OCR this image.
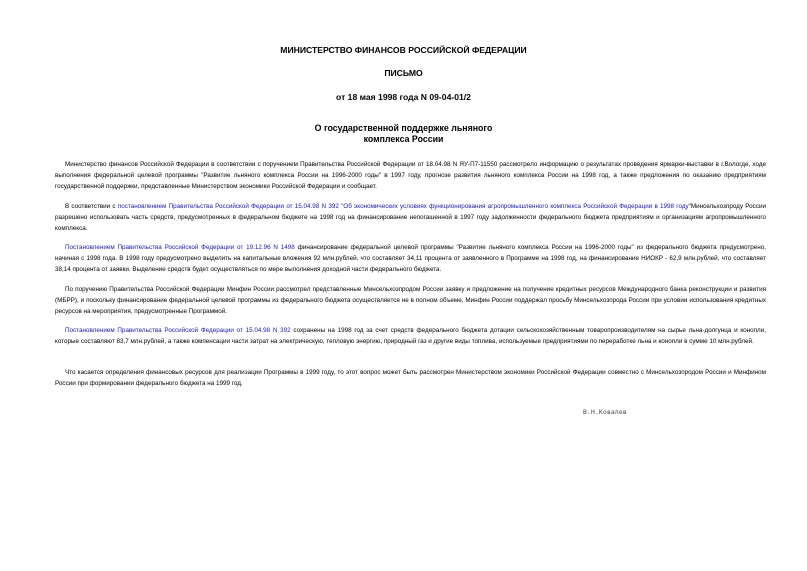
МИНИСТЕРСТВО ФИНАНСОВ РОССИЙСКОЙ ФЕДЕРАЦИИ
ПИСЬМО
от 18 мая 1998 года N 09-04-01/2
О государственной поддержке льняного
комплекса России

Министерство финансов Российской Федерации в соответствии с поручением Правительства Российской Федерации от 18.04.98 N ЯУ-П7-11550 рассмотрело информацию о результатах проведения ярмарки-выставки в г.Вологде, ходе выполнения федеральной целевой программы "Развитие льняного комплекса России на 1996-2000 годы" в 1997 году, прогнозе развития льняного комплекса России на 1998 год, а также предложения по оказанию предприятиям государственной поддержки, представленные Министерством экономики Российской Федерации и сообщает.

В соответствии с постановлением Правительства Российской Федерации от 15.04.98 N 392 "Об экономических условиях функционирования агропромышленного комплекса Российской Федерации в 1998 году"Минсельхозпроду России разрешено использовать часть средств, предусмотренных в федеральном бюджете на 1998 год на финансирование непогашенной в 1997 году задолженности федерального бюджета предприятиям и организациям агропромышленного комплекса.

Постановлением Правительства Российской Федерации от 19.12.96 N 1498 финансирование федеральной целевой программы "Развитие льняного комплекса России на 1996-2000 годы" из федерального бюджета предусмотрено, начиная с 1998 года. В 1998 году предусмотрено выделить на капитальные вложения 92 млн.рублей, что составляет 34,11 процента от заявленного в Программе на 1998 год, на финансирование НИОКР - 62,9 млн.рублей, что составляет 38,14 процента от заявки. Выделение средств будет осуществляться по мере выполнения доходной части федерального бюджета.

По поручению Правительства Российской Федерации Минфин России рассмотрел представленные Минсельхозпродом России заявку и предложение на получение кредитных ресурсов Международного банка реконструкции и развития (МБРР), и поскольку финансирование федеральной целевой программы из федерального бюджета осуществляется не в полном объеме, Минфин России поддержал просьбу Минсельхозпрода России при условии использования кредитных ресурсов на мероприятия, предусмотренные Программой.

Постановлением Правительства Российской Федерации от 15.04.98 N 392 сохранены на 1998 год за счет средств федерального бюджета дотации сельскохозяйственным товаропроизводителям на сырье льна-долгунца и конопли, которые составляют 83,7 млн.рублей, а также компенсации части затрат на электрическую, тепловую энергию, природный газ и другие виды топлива, используемые предприятиями по переработке льна и конопли в сумме 10 млн.рублей.

Что касается определения финансовых ресурсов для реализации Программы в 1999 году, то этот вопрос может быть рассмотрен Министерством экономики Российской Федерации совместно с Минсельхозпродом России и Минфином России при формировании федерального бюджета на 1999 год.

В.Н.Ковалев
